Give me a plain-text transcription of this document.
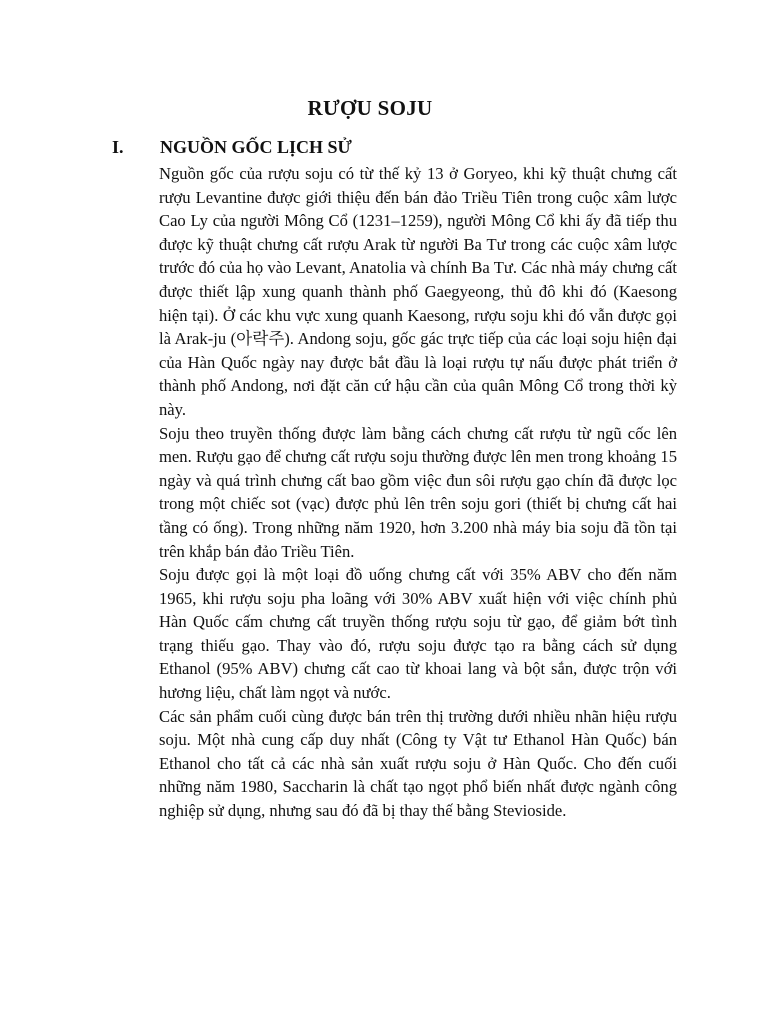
RƯỢU SOJU
I. NGUỒN GỐC LỊCH SỬ

Nguồn gốc của rượu soju có từ thế kỷ 13 ở Goryeo, khi kỹ thuật chưng cất rượu Levantine được giới thiệu đến bán đảo Triều Tiên trong cuộc xâm lược Cao Ly của người Mông Cổ (1231–1259), người Mông Cổ khi ấy đã tiếp thu được kỹ thuật chưng cất rượu Arak từ người Ba Tư trong các cuộc xâm lược trước đó của họ vào Levant, Anatolia và chính Ba Tư. Các nhà máy chưng cất được thiết lập xung quanh thành phố Gaegyeong, thủ đô khi đó (Kaesong hiện tại). Ở các khu vực xung quanh Kaesong, rượu soju khi đó vẫn được gọi là Arak-ju (아락주). Andong soju, gốc gác trực tiếp của các loại soju hiện đại của Hàn Quốc ngày nay được bắt đầu là loại rượu tự nấu được phát triển ở thành phố Andong, nơi đặt căn cứ hậu cần của quân Mông Cổ trong thời kỳ này.

Soju theo truyền thống được làm bằng cách chưng cất rượu từ ngũ cốc lên men. Rượu gạo để chưng cất rượu soju thường được lên men trong khoảng 15 ngày và quá trình chưng cất bao gồm việc đun sôi rượu gạo chín đã được lọc trong một chiếc sot (vạc) được phủ lên trên soju gori (thiết bị chưng cất hai tầng có ống). Trong những năm 1920, hơn 3.200 nhà máy bia soju đã tồn tại trên khắp bán đảo Triều Tiên.

Soju được gọi là một loại đồ uống chưng cất với 35% ABV cho đến năm 1965, khi rượu soju pha loãng với 30% ABV xuất hiện với việc chính phủ Hàn Quốc cấm chưng cất truyền thống rượu soju từ gạo, để giảm bớt tình trạng thiếu gạo. Thay vào đó, rượu soju được tạo ra bằng cách sử dụng Ethanol (95% ABV) chưng cất cao từ khoai lang và bột sắn, được trộn với hương liệu, chất làm ngọt và nước.

Các sản phẩm cuối cùng được bán trên thị trường dưới nhiều nhãn hiệu rượu soju. Một nhà cung cấp duy nhất (Công ty Vật tư Ethanol Hàn Quốc) bán Ethanol cho tất cả các nhà sản xuất rượu soju ở Hàn Quốc. Cho đến cuối những năm 1980, Saccharin là chất tạo ngọt phổ biến nhất được ngành công nghiệp sử dụng, nhưng sau đó đã bị thay thế bằng Stevioside.
